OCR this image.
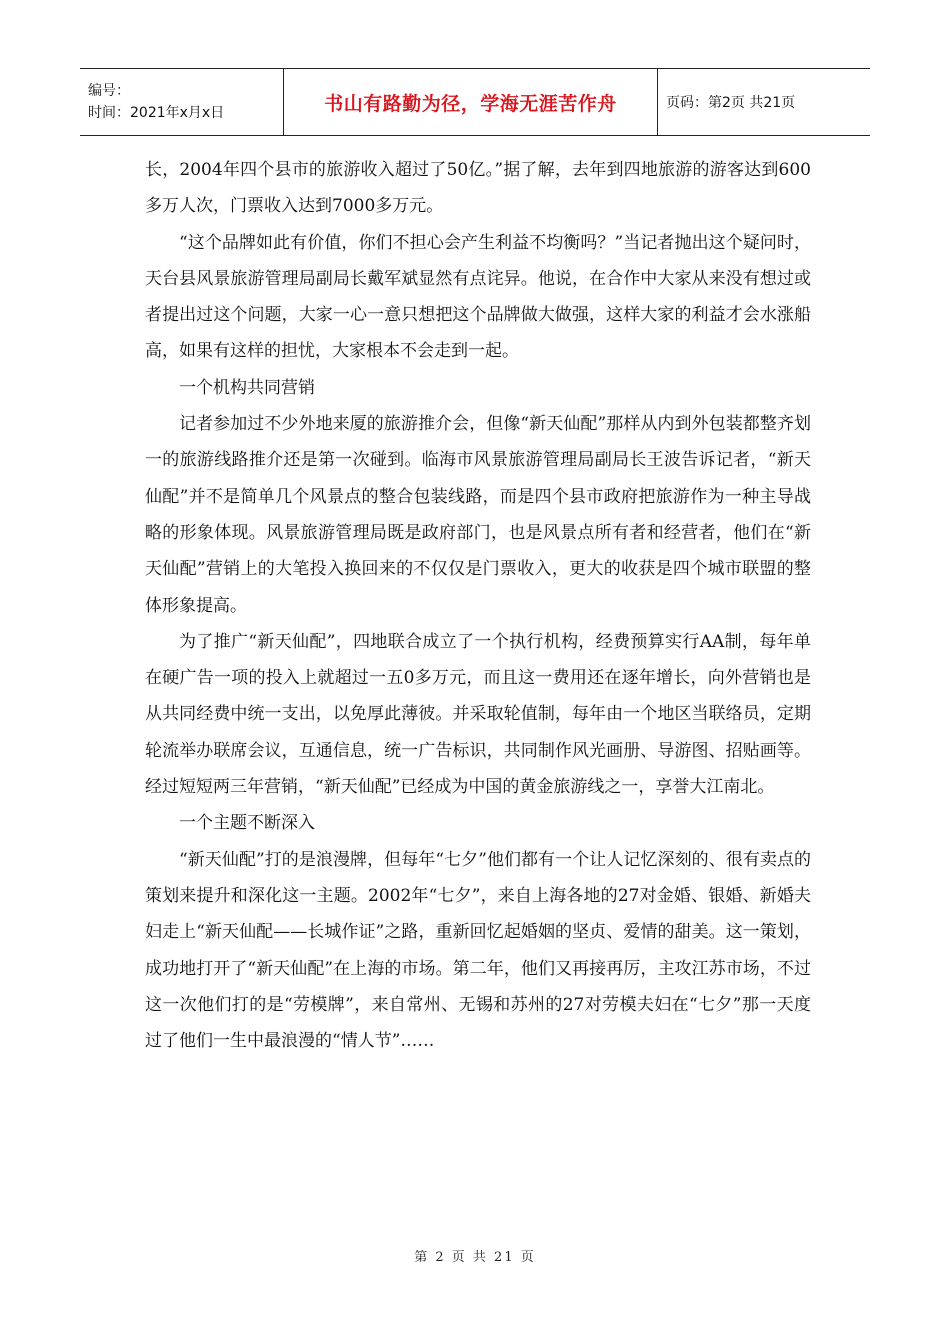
编号：
时间：2021年x月x日	书山有路勤为径，学海无涯苦作舟	页码：第2页 共21页

长，2004年四个县市的旅游收入超过了50亿。”据了解，去年到四地旅游的游客达到600多万人次，门票收入达到7000多万元。

“这个品牌如此有价值，你们不担心会产生利益不均衡吗？”当记者抛出这个疑问时，天台县风景旅游管理局副局长戴军斌显然有点诧异。他说，在合作中大家从来没有想过或者提出过这个问题，大家一心一意只想把这个品牌做大做强，这样大家的利益才会水涨船高，如果有这样的担忧，大家根本不会走到一起。

一个机构共同营销

记者参加过不少外地来厦的旅游推介会，但像“新天仙配”那样从内到外包装都整齐划一的旅游线路推介还是第一次碰到。临海市风景旅游管理局副局长王波告诉记者，“新天仙配”并不是简单几个风景点的整合包装线路，而是四个县市政府把旅游作为一种主导战略的形象体现。风景旅游管理局既是政府部门，也是风景点所有者和经营者，他们在“新天仙配”营销上的大笔投入换回来的不仅仅是门票收入，更大的收获是四个城市联盟的整体形象提高。

为了推广“新天仙配”，四地联合成立了一个执行机构，经费预算实行AA制，每年单在硬广告一项的投入上就超过一五0多万元，而且这一费用还在逐年增长，向外营销也是从共同经费中统一支出，以免厚此薄彼。并采取轮值制，每年由一个地区当联络员，定期轮流举办联席会议，互通信息，统一广告标识，共同制作风光画册、导游图、招贴画等。经过短短两三年营销，“新天仙配”已经成为中国的黄金旅游线之一，享誉大江南北。

一个主题不断深入

“新天仙配”打的是浪漫牌，但每年“七夕”他们都有一个让人记忆深刻的、很有卖点的策划来提升和深化这一主题。2002年“七夕”，来自上海各地的27对金婚、银婚、新婚夫妇走上“新天仙配——长城作证”之路，重新回忆起婚姻的坚贞、爱情的甜美。这一策划，成功地打开了“新天仙配”在上海的市场。第二年，他们又再接再厉，主攻江苏市场，不过这一次他们打的是“劳模牌”，来自常州、无锡和苏州的27对劳模夫妇在“七夕”那一天度过了他们一生中最浪漫的“情人节”……

第 2 页 共 21 页
